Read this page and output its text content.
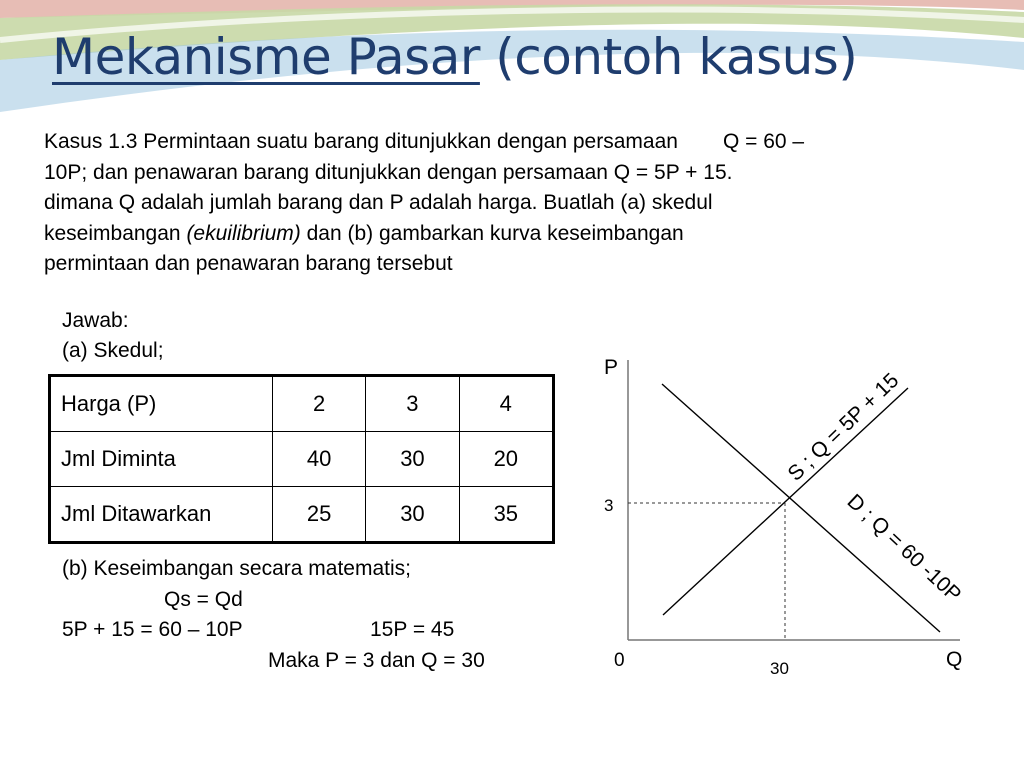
Mekanisme Pasar (contoh kasus)
Kasus 1.3 Permintaan suatu barang ditunjukkan dengan persamaan Q = 60 –
10P; dan penawaran barang ditunjukkan dengan persamaan Q = 5P + 15.
dimana Q adalah jumlah barang dan P adalah harga. Buatlah (a) skedul
keseimbangan (ekuilibrium) dan (b) gambarkan kurva keseimbangan
permintaan dan penawaran barang tersebut
Jawab:
(a) Skedul;
Harga (P)	2	3	4
Jml Diminta	40	30	20
Jml Ditawarkan	25	30	35
(b) Keseimbangan secara matematis;
Qs = Qd
5P + 15 = 60 – 10P	15P = 45
Maka P = 3 dan Q = 30
P
Q
0
3
30
S ; Q = 5P + 15
D ; Q = 60 -10P
